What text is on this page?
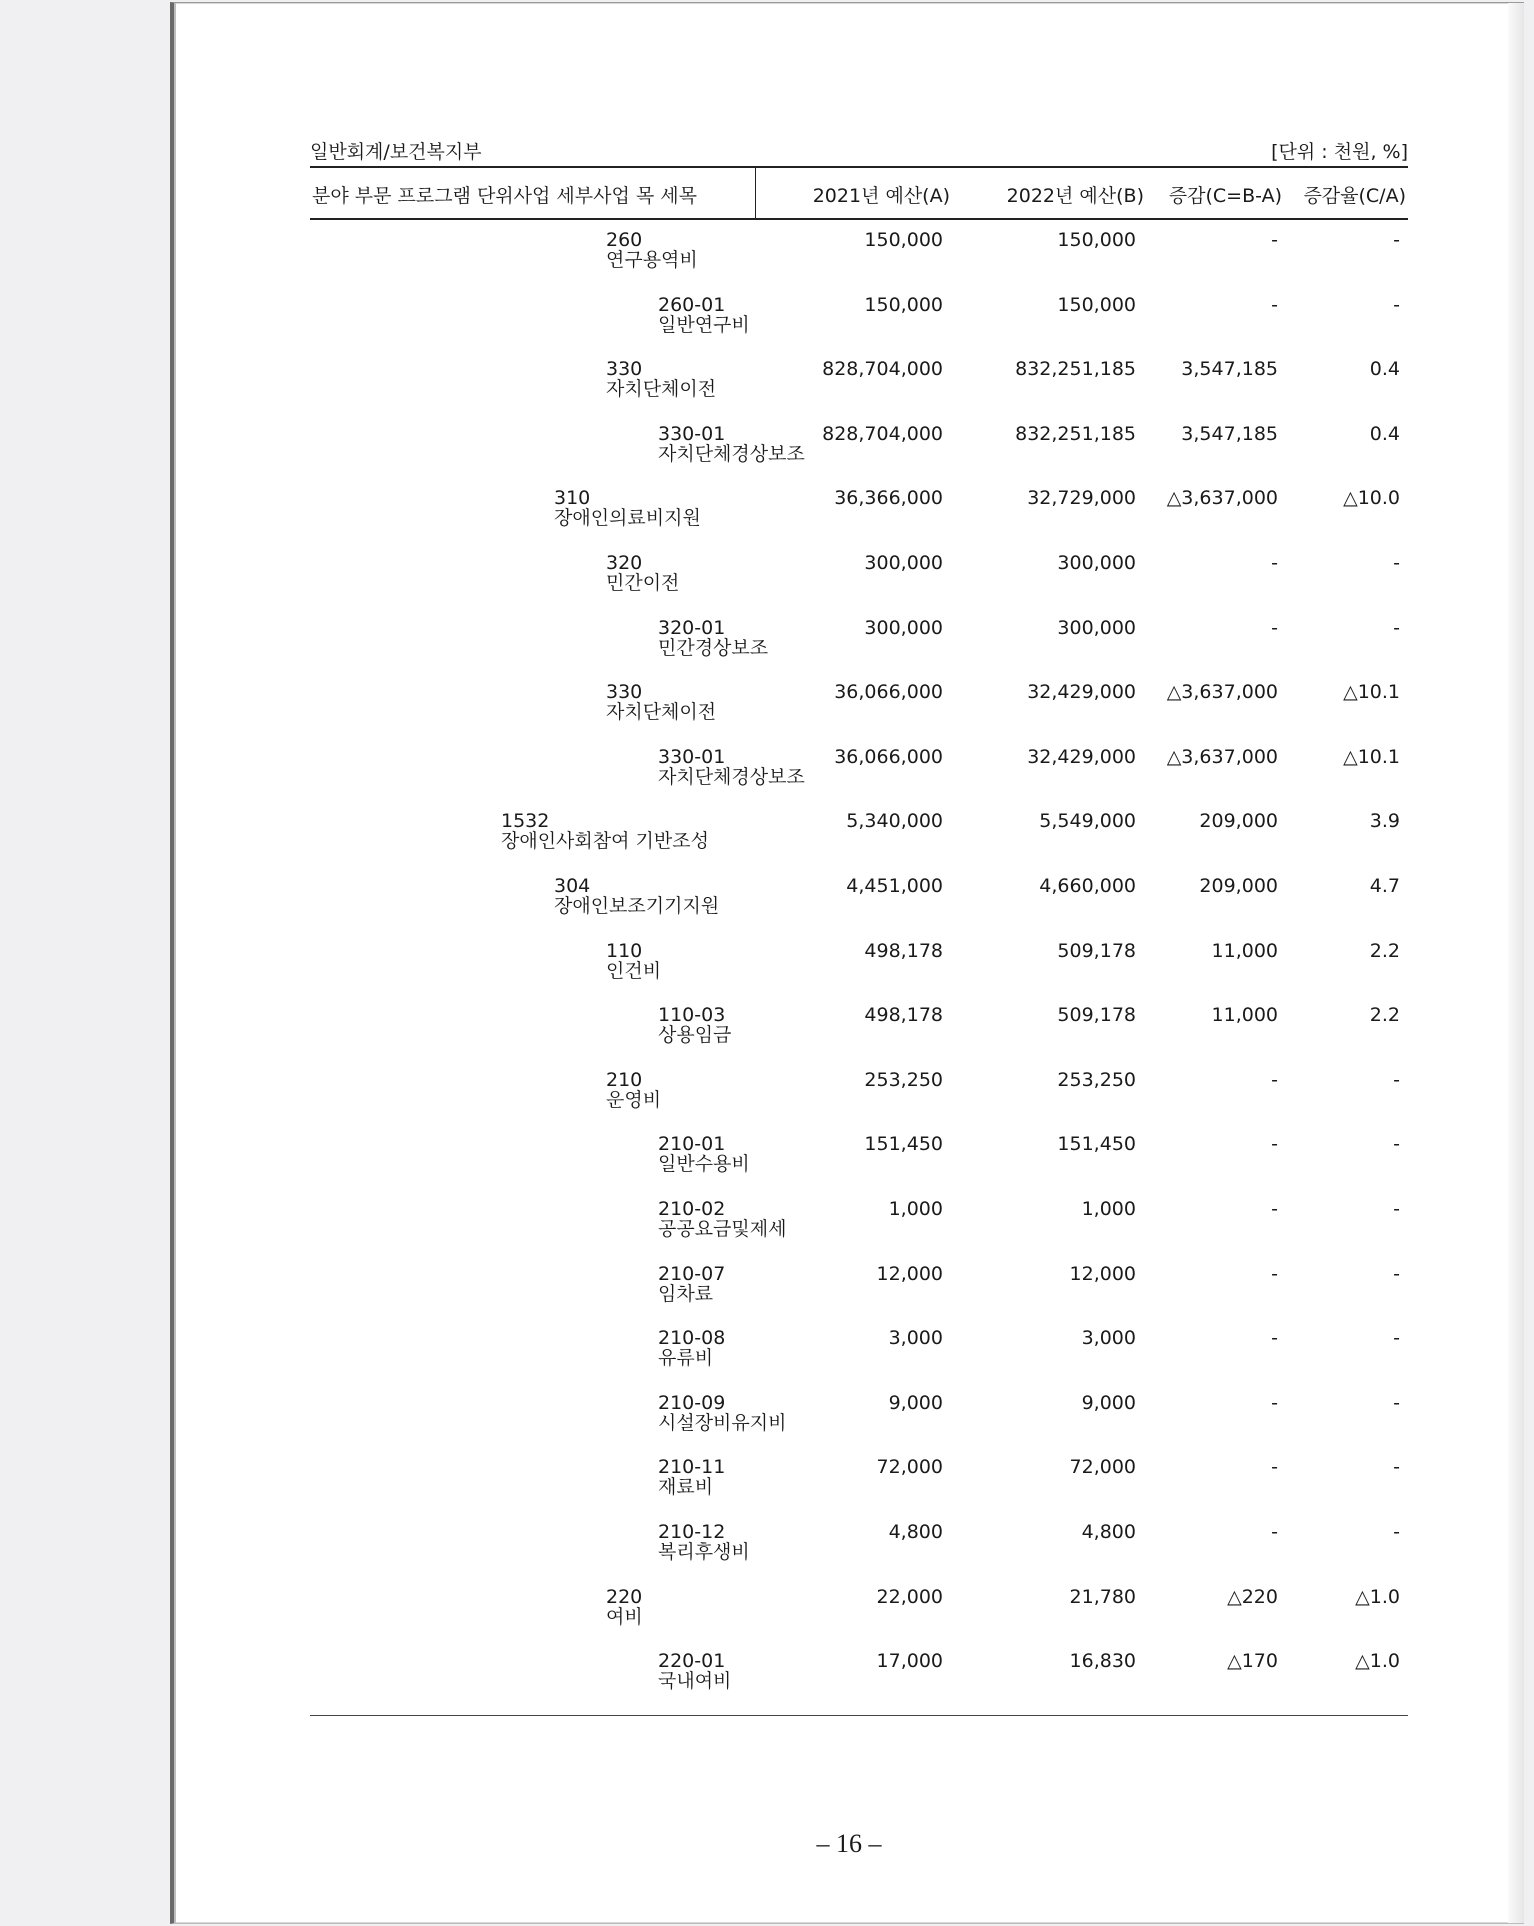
일반회계/보건복지부	[단위 : 천원, %]
분야 부문 프로그램 단위사업 세부사업 목 세목	2021년 예산(A)	2022년 예산(B) 증감(C=B-A) 증감율(C/A)
260
연구용역비
150,000	150,000	-	-
260-01
일반연구비
150,000	150,000	-	-
330
자치단체이전
828,704,000	832,251,185 3,547,185	0.4
330-01
자치단체경상보조
828,704,000	832,251,185 3,547,185	0.4
310
장애인의료비지원
36,366,000	32,729,000 △3,637,000	△10.0
320
민간이전
300,000	300,000	-	-
320-01
민간경상보조
300,000	300,000	-	-
330
자치단체이전
36,066,000	32,429,000 △3,637,000	△10.1
330-01
자치단체경상보조
36,066,000	32,429,000 △3,637,000	△10.1
1532
장애인사회참여 기반조성
5,340,000	5,549,000	209,000	3.9
304
장애인보조기기지원
4,451,000	4,660,000	209,000	4.7
110
인건비
498,178	509,178	11,000	2.2
110-03
상용임금
498,178	509,178	11,000	2.2
210
운영비
253,250	253,250	-	-
210-01
일반수용비
151,450	151,450	-	-
210-02
공공요금및제세
1,000	1,000	-	-
210-07
임차료
12,000	12,000	-	-
210-08
유류비
3,000	3,000	-	-
210-09
시설장비유지비
9,000	9,000	-	-
210-11
재료비
72,000	72,000	-	-
210-12
복리후생비
4,800	4,800	-	-
220
여비
22,000	21,780	△220	△1.0
220-01
국내여비
17,000	16,830	△170	△1.0
– 16 –
